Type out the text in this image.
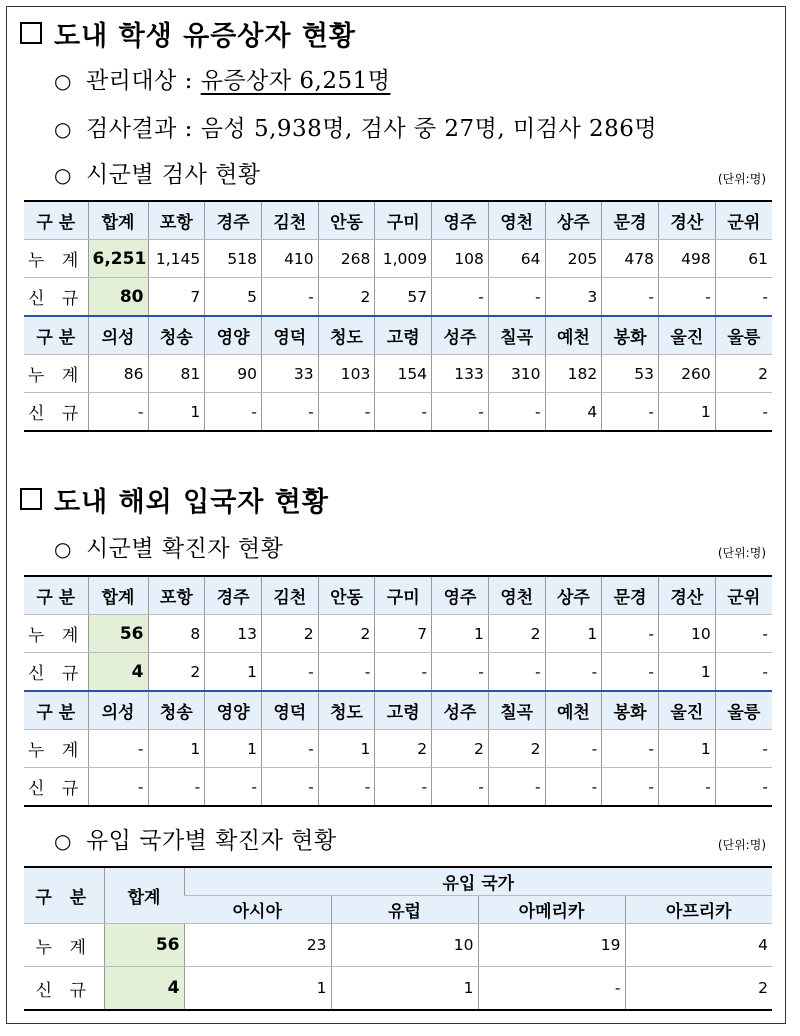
도내 학생 유증상자 현황
○ 관리대상 : 유증상자 6,251명
○ 검사결과 : 음성 5,938명, 검사 중 27명, 미검사 286명
○ 시군별 검사 현황	(단위:명)
구 분	합계	포항	경주	김천	안동	구미	영주	영천	상주	문경	경산	군위
누 계	6,251	1,145	518	410	268	1,009	108	64	205	478	498	61
신 규	80	7	5	-	2	57	-	-	3	-	-	-
구 분	의성	청송	영양	영덕	청도	고령	성주	칠곡	예천	봉화	울진	울릉
누 계	86	81	90	33	103	154	133	310	182	53	260	2
신 규	-	1	-	-	-	-	-	-	4	-	1	-
도내 해외 입국자 현황
○ 시군별 확진자 현황	(단위:명)
구 분	합계	포항	경주	김천	안동	구미	영주	영천	상주	문경	경산	군위
누 계	56	8	13	2	2	7	1	2	1	-	10	-
신 규	4	2	1	-	-	-	-	-	-	-	1	-
구 분	의성	청송	영양	영덕	청도	고령	성주	칠곡	예천	봉화	울진	울릉
누 계	-	1	1	-	1	2	2	2	-	-	1	-
신 규	-	-	-	-	-	-	-	-	-	-	-	-
○ 유입 국가별 확진자 현황	(단위:명)
구 분	합계	유입 국가			
		아시아	유럽	아메리카	아프리카
누 계	56	23	10	19	4
신 규	4	1	1	-	2
